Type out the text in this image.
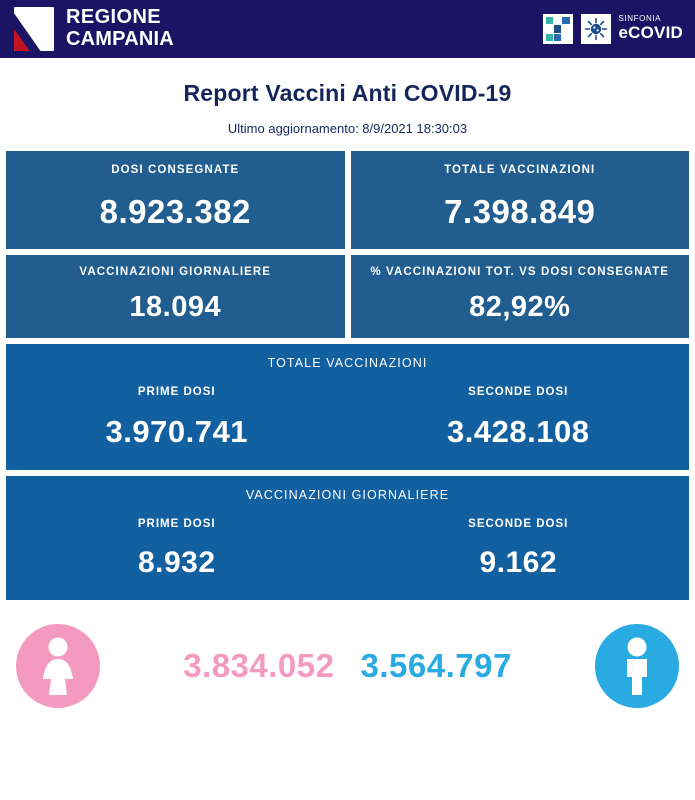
REGIONE
CAMPANIA
SINFONIA
eCOVID
Report Vaccini Anti COVID-19
Ultimo aggiornamento: 8/9/2021 18:30:03
DOSI CONSEGNATE
8.923.382
TOTALE VACCINAZIONI
7.398.849
VACCINAZIONI GIORNALIERE
18.094
% VACCINAZIONI TOT. VS DOSI CONSEGNATE
82,92%
TOTALE VACCINAZIONI
PRIME DOSI
3.970.741
SECONDE DOSI
3.428.108
VACCINAZIONI GIORNALIERE
PRIME DOSI
8.932
SECONDE DOSI
9.162
3.834.052 3.564.797
